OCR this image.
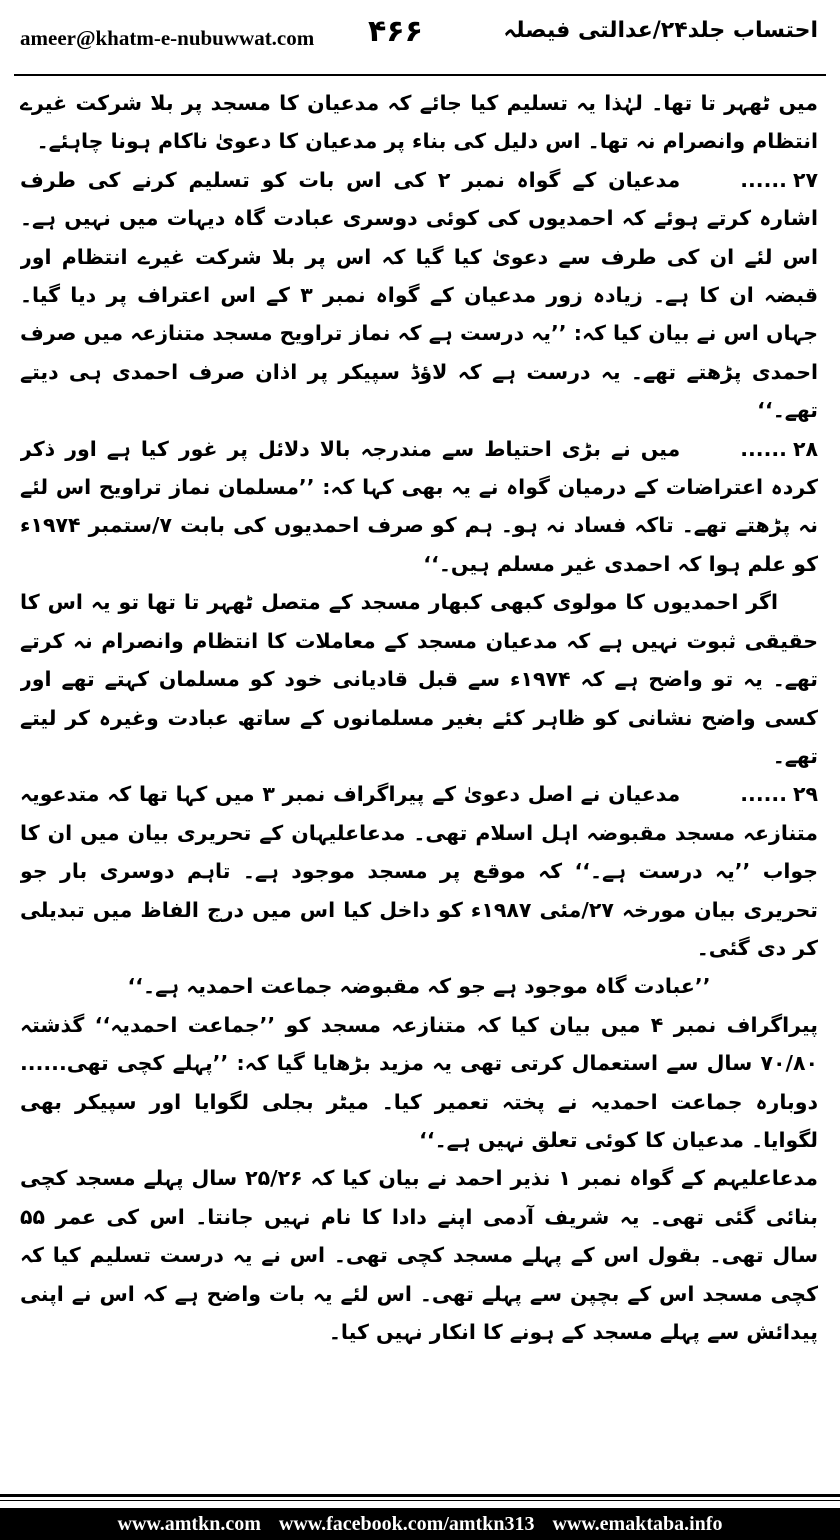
ameer@khatm-e-nubuwwat.com ۴۶۶	احتساب جلد۲۴/عدالتی فیصلہ

میں ٹھہر تا تھا۔ لہٰذا یہ تسلیم کیا جائے کہ مدعیان کا مسجد پر بلا شرکت غیرے انتظام وانصرام نہ تھا۔ اس دلیل کی بناء پر مدعیان کا دعویٰ ناکام ہونا چاہئے۔

۲۷......مدعیان کے گواہ نمبر ۲ کی اس بات کو تسلیم کرنے کی طرف اشارہ کرتے ہوئے کہ احمدیوں کی کوئی دوسری عبادت گاہ دیہات میں نہیں ہے۔ اس لئے ان کی طرف سے دعویٰ کیا گیا کہ اس پر بلا شرکت غیرے انتظام اور قبضہ ان کا ہے۔ زیادہ زور مدعیان کے گواہ نمبر ۳ کے اس اعتراف پر دیا گیا۔ جہاں اس نے بیان کیا کہ: ’’یہ درست ہے کہ نماز تراویح مسجد متنازعہ میں صرف احمدی پڑھتے تھے۔ یہ درست ہے کہ لاؤڈ سپیکر پر اذان صرف احمدی ہی دیتے تھے۔‘‘

۲۸......میں نے بڑی احتیاط سے مندرجہ بالا دلائل پر غور کیا ہے اور ذکر کردہ اعتراضات کے درمیان گواہ نے یہ بھی کہا کہ: ’’مسلمان نماز تراویح اس لئے نہ پڑھتے تھے۔ تاکہ فساد نہ ہو۔ ہم کو صرف احمدیوں کی بابت ۷/ستمبر ۱۹۷۴ء کو علم ہوا کہ احمدی غیر مسلم ہیں۔‘‘

اگر احمدیوں کا مولوی کبھی کبھار مسجد کے متصل ٹھہر تا تھا تو یہ اس کا حقیقی ثبوت نہیں ہے کہ مدعیان مسجد کے معاملات کا انتظام وانصرام نہ کرتے تھے۔ یہ تو واضح ہے کہ ۱۹۷۴ء سے قبل قادیانی خود کو مسلمان کہتے تھے اور کسی واضح نشانی کو ظاہر کئے بغیر مسلمانوں کے ساتھ عبادت وغیرہ کر لیتے تھے۔

۲۹......مدعیان نے اصل دعویٰ کے پیراگراف نمبر ۳ میں کہا تھا کہ متدعویہ متنازعہ مسجد مقبوضہ اہل اسلام تھی۔ مدعاعلیہان کے تحریری بیان میں ان کا جواب ’’یہ درست ہے۔‘‘ کہ موقع پر مسجد موجود ہے۔ تاہم دوسری بار جو تحریری بیان مورخہ ۲۷/مئی ۱۹۸۷ء کو داخل کیا اس میں درج الفاظ میں تبدیلی کر دی گئی۔

’’عبادت گاہ موجود ہے جو کہ مقبوضہ جماعت احمدیہ ہے۔‘‘

پیراگراف نمبر ۴ میں بیان کیا کہ متنازعہ مسجد کو ’’جماعت احمدیہ‘‘ گذشتہ ۷۰/۸۰ سال سے استعمال کرتی تھی یہ مزید بڑھایا گیا کہ: ’’پہلے کچی تھی...... دوبارہ جماعت احمدیہ نے پختہ تعمیر کیا۔ میٹر بجلی لگوایا اور سپیکر بھی لگوایا۔ مدعیان کا کوئی تعلق نہیں ہے۔‘‘

مدعاعلیہم کے گواہ نمبر ۱ نذیر احمد نے بیان کیا کہ ۲۵/۲۶ سال پہلے مسجد کچی بنائی گئی تھی۔ یہ شریف آدمی اپنے دادا کا نام نہیں جانتا۔ اس کی عمر ۵۵ سال تھی۔ بقول اس کے پہلے مسجد کچی تھی۔ اس نے یہ درست تسلیم کیا کہ کچی مسجد اس کے بچپن سے پہلے تھی۔ اس لئے یہ بات واضح ہے کہ اس نے اپنی پیدائش سے پہلے مسجد کے ہونے کا انکار نہیں کیا۔

www.amtkn.com www.facebook.com/amtkn313 www.emaktaba.info
